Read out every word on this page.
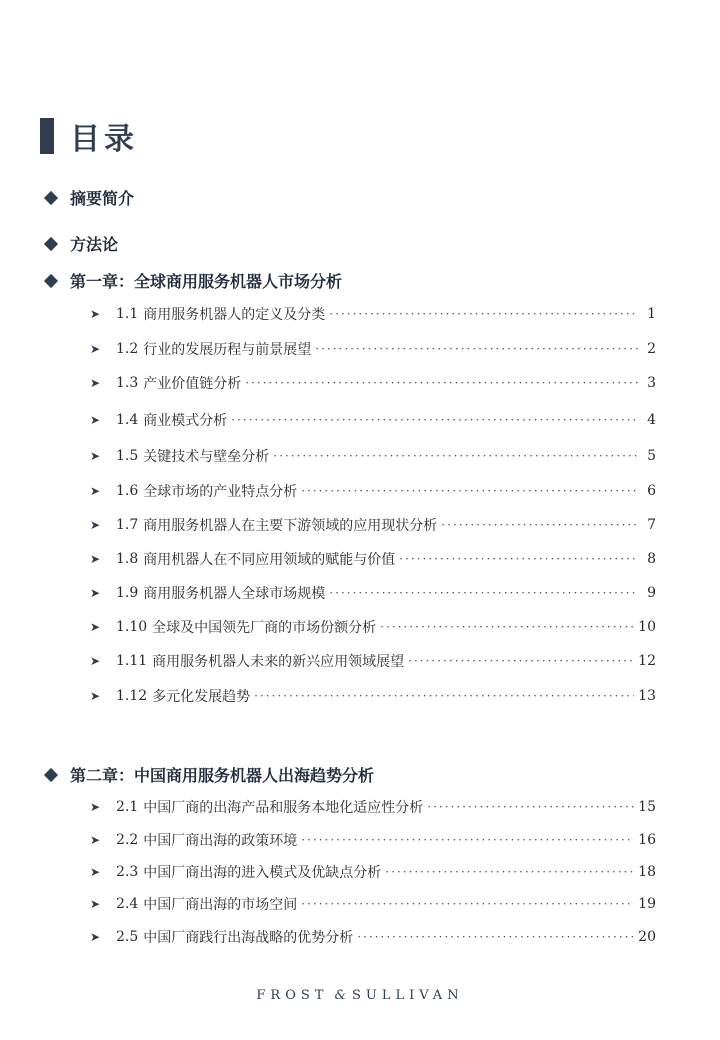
目录
摘要简介
方法论
第一章：全球商用服务机器人市场分析
➤	1.1 商用服务机器人的定义及分类 ·····	1
➤	1.2 行业的发展历程与前景展望 ·····	2
➤	1.3 产业价值链分析 ·····	3
➤	1.4 商业模式分析 ·····	4
➤	1.5 关键技术与壁垒分析 ·····	5
➤	1.6 全球市场的产业特点分析 ·····	6
➤	1.7 商用服务机器人在主要下游领域的应用现状分析 ·····	7
➤	1.8 商用机器人在不同应用领域的赋能与价值 ·····	8
➤	1.9 商用服务机器人全球市场规模 ·····	9
➤	1.10 全球及中国领先厂商的市场份额分析 ·····	10
➤	1.11 商用服务机器人未来的新兴应用领域展望 ·····	12
➤	1.12 多元化发展趋势 ·····	13
第二章：中国商用服务机器人出海趋势分析
➤	2.1 中国厂商的出海产品和服务本地化适应性分析 ·····	15
➤	2.2 中国厂商出海的政策环境 ·····	16
➤	2.3 中国厂商出海的进入模式及优缺点分析 ·····	18
➤	2.4 中国厂商出海的市场空间 ·····	19
➤	2.5 中国厂商践行出海战略的优势分析 ·····	20
FROST & SULLIVAN
